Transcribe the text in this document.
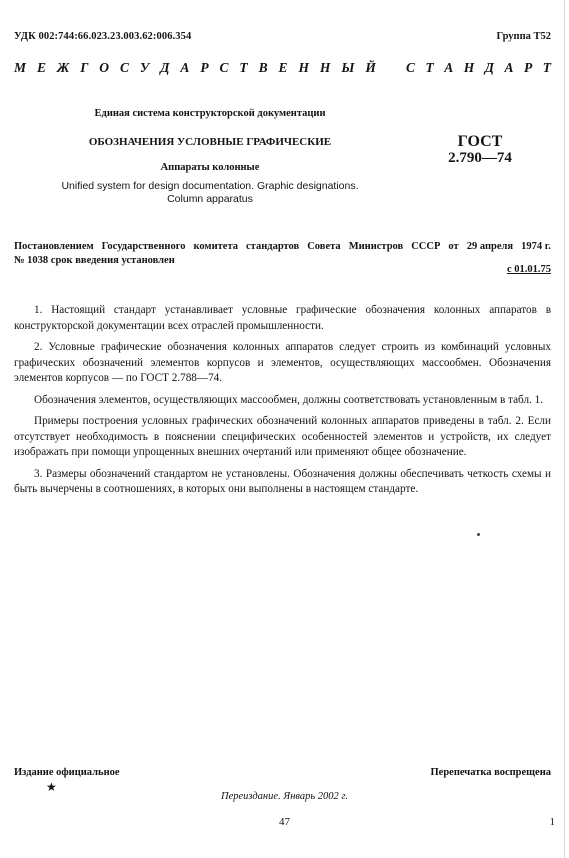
УДК 002:744:66.023.23.003.62:006.354	Группа Т52
М Е Ж Г О С У Д А Р С Т В Е Н Н Ы Й С Т А Н Д А Р Т
Единая система конструкторской документации
ОБОЗНАЧЕНИЯ УСЛОВНЫЕ ГРАФИЧЕСКИЕ
Аппараты колонные
Unified system for design documentation. Graphic designations.
Column apparatus
ГОСТ
2.790—74
Постановлением Государственного комитета стандартов Совета Министров СССР от 29 апреля 1974 г.
№ 1038 срок введения установлен
с 01.01.75

1. Настоящий стандарт устанавливает условные графические обозначения колонных аппаратов в конструкторской документации всех отраслей промышленности.

2. Условные графические обозначения колонных аппаратов следует строить из комбинаций условных графических обозначений элементов корпусов и элементов, осуществляющих массообмен. Обозначения элементов корпусов — по ГОСТ 2.788—74.

Обозначения элементов, осуществляющих массообмен, должны соответствовать установленным в табл. 1.

Примеры построения условных графических обозначений колонных аппаратов приведены в табл. 2. Если отсутствует необходимость в пояснении специфических особенностей элементов и устройств, их следует изображать при помощи упрощенных внешних очертаний или применяют общее обозначение.

3. Размеры обозначений стандартом не установлены. Обозначения должны обеспечивать четкость схемы и быть вычерчены в соотношениях, в которых они выполнены в настоящем стандарте.

Издание официальное
★
Перепечатка воспрещена
Переиздание. Январь 2002 г.
47	1
